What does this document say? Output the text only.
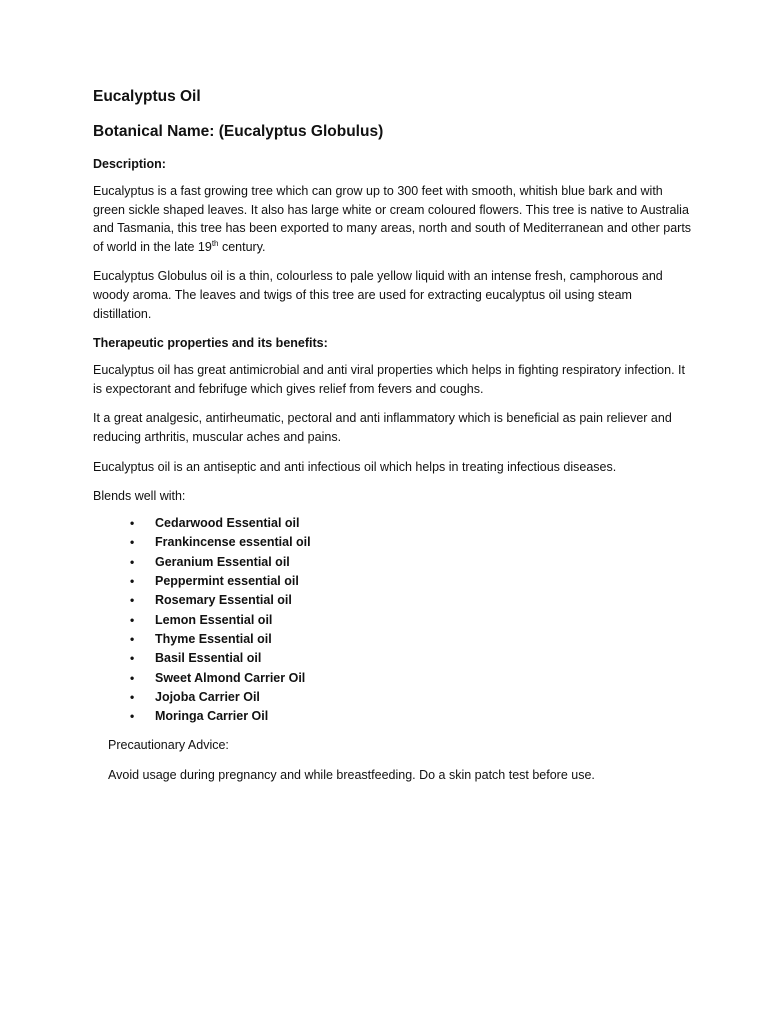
Eucalyptus Oil
Botanical Name: (Eucalyptus Globulus)
Description:

Eucalyptus is a fast growing tree which can grow up to 300 feet with smooth, whitish blue bark and with green sickle shaped leaves. It also has large white or cream coloured flowers. This tree is native to Australia and Tasmania, this tree has been exported to many areas, north and south of Mediterranean and other parts of world in the late 19th century.

Eucalyptus Globulus oil is a thin, colourless to pale yellow liquid with an intense fresh, camphorous and woody aroma. The leaves and twigs of this tree are used for extracting eucalyptus oil using steam distillation.

Therapeutic properties and its benefits:

Eucalyptus oil has great antimicrobial and anti viral properties which helps in fighting respiratory infection. It is expectorant and febrifuge which gives relief from fevers and coughs.

It a great analgesic, antirheumatic, pectoral and anti inflammatory which is beneficial as pain reliever and reducing arthritis, muscular aches and pains.

Eucalyptus oil is an antiseptic and anti infectious oil which helps in treating infectious diseases.

Blends well with:
• Cedarwood Essential oil
• Frankincense essential oil
• Geranium Essential oil
• Peppermint essential oil
• Rosemary Essential oil
• Lemon Essential oil
• Thyme Essential oil
• Basil Essential oil
• Sweet Almond Carrier Oil
• Jojoba Carrier Oil
• Moringa Carrier Oil
Precautionary Advice:

Avoid usage during pregnancy and while breastfeeding. Do a skin patch test before use.
